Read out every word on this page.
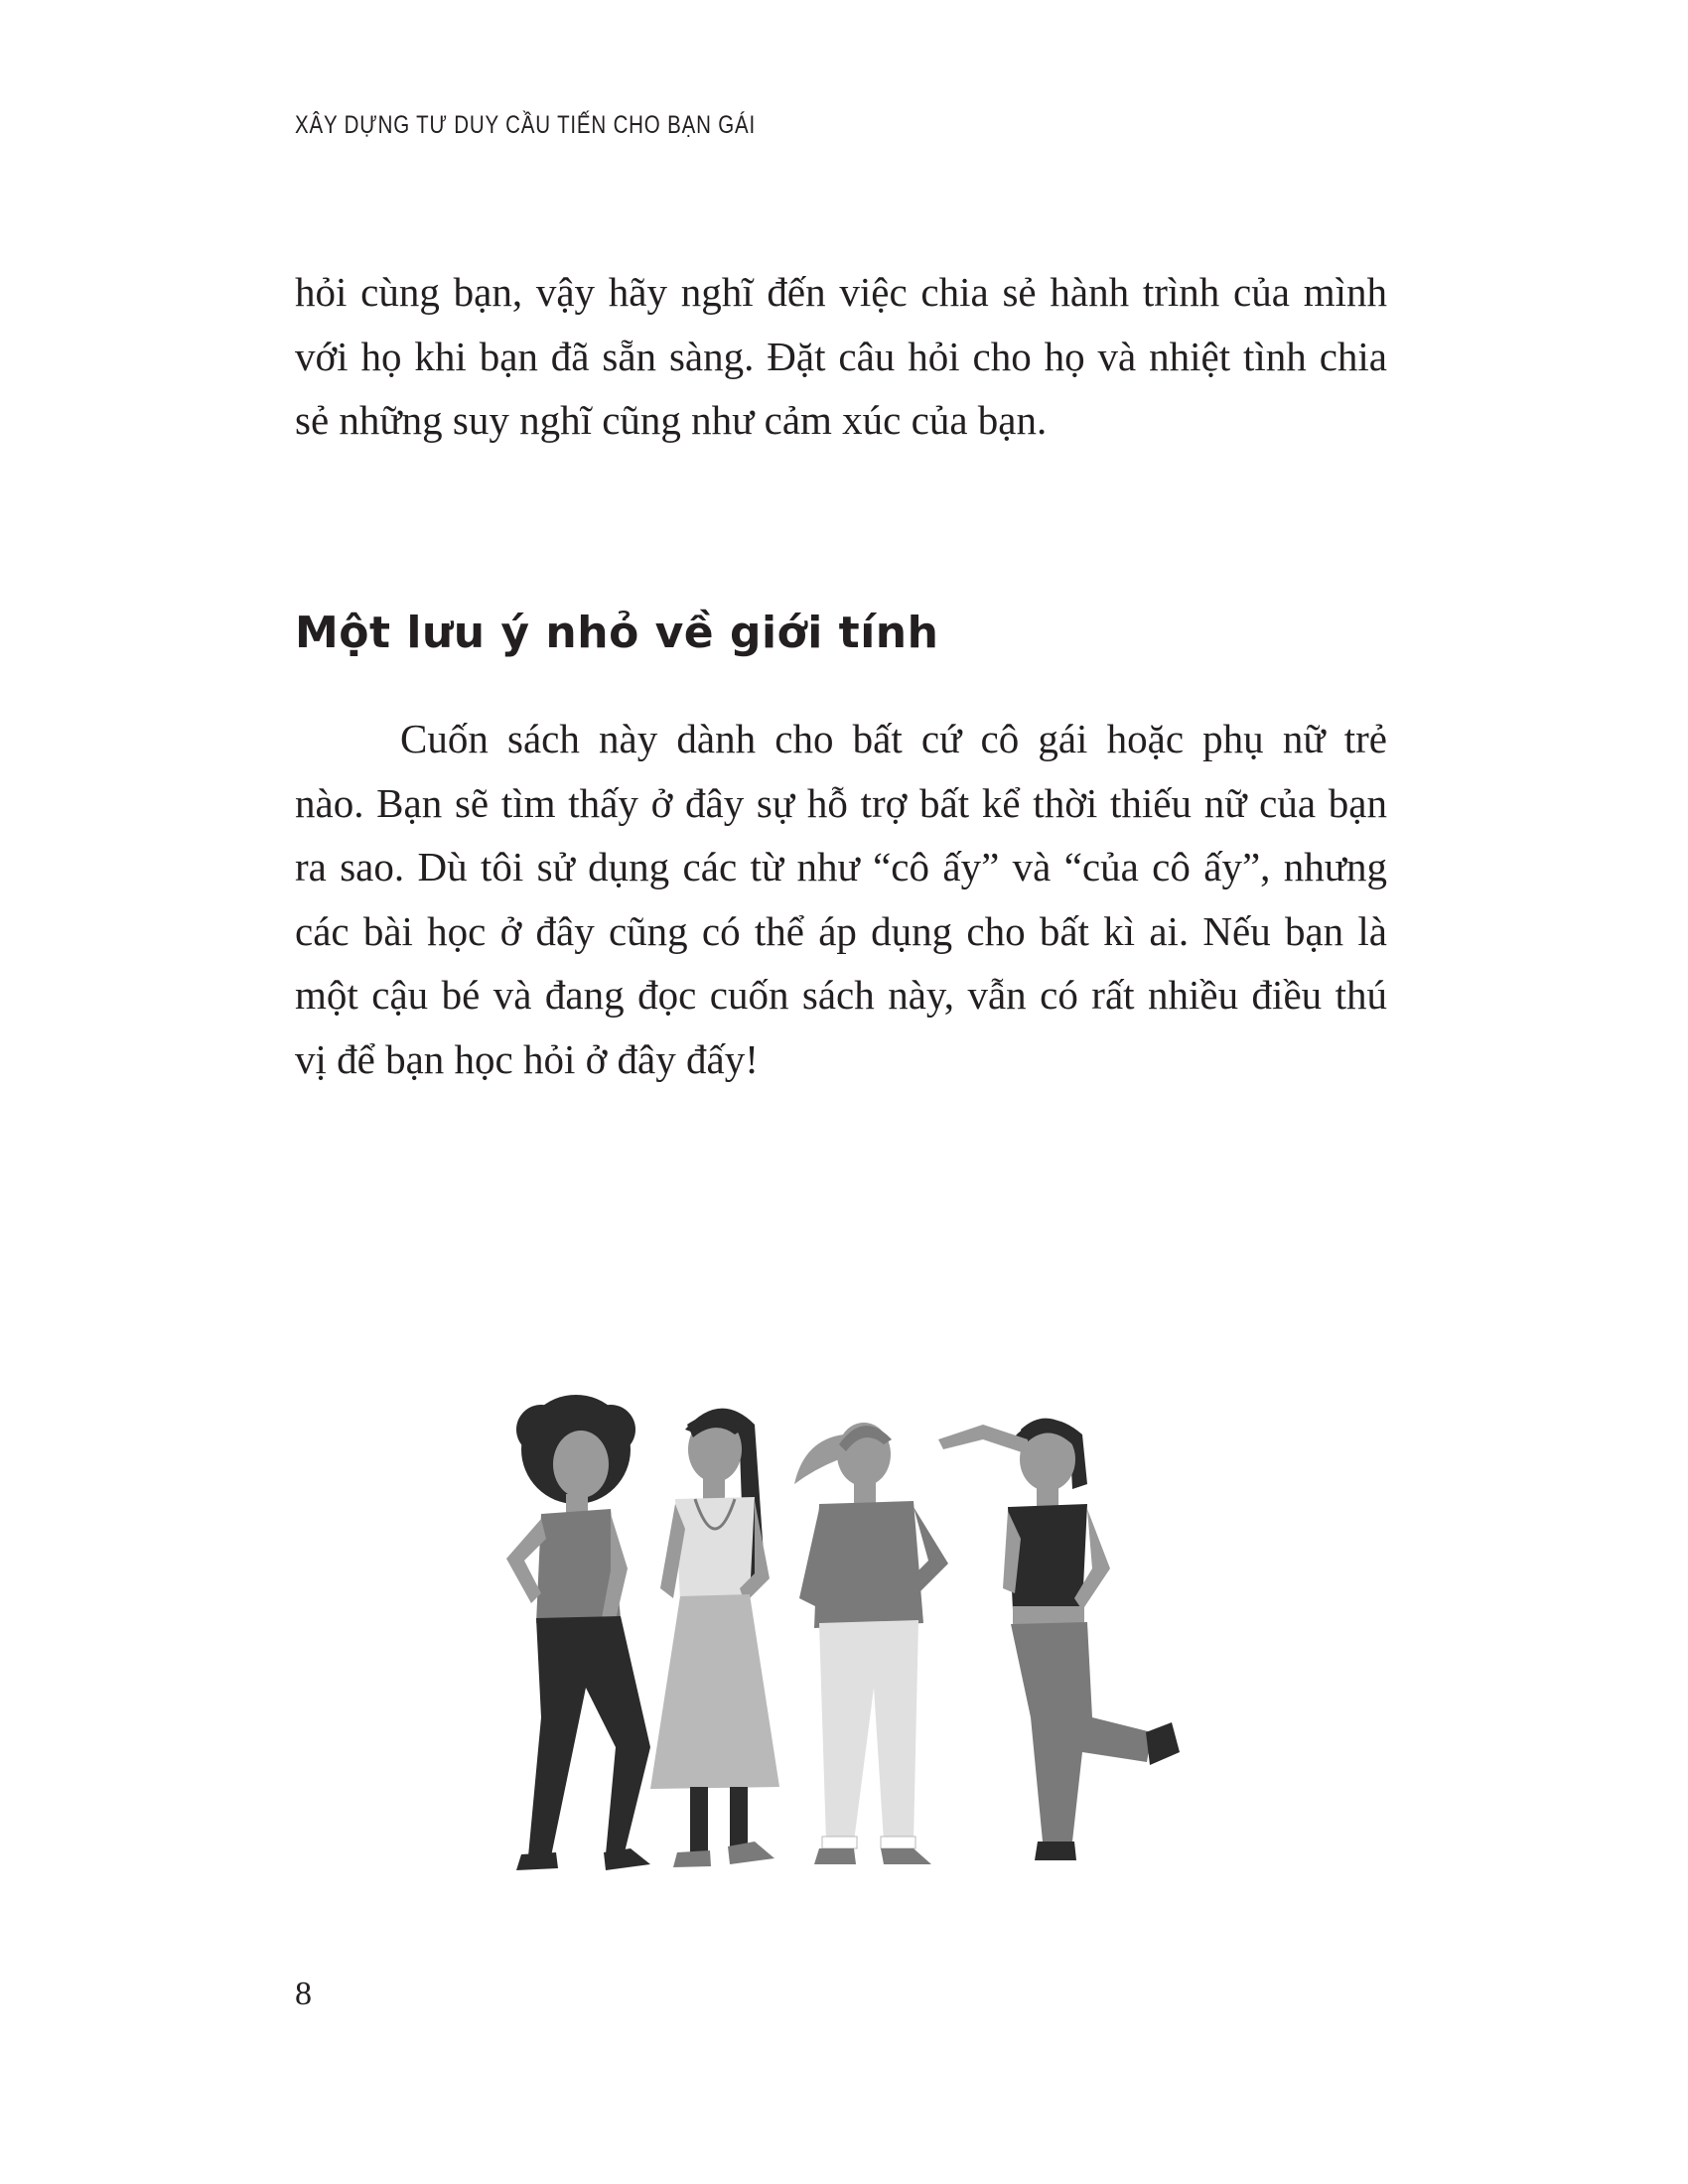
XÂY DỰNG TƯ DUY CẦU TIẾN CHO BẠN GÁI

hỏi cùng bạn, vậy hãy nghĩ đến việc chia sẻ hành trình của mình
với họ khi bạn đã sẵn sàng. Đặt câu hỏi cho họ và nhiệt tình chia
sẻ những suy nghĩ cũng như cảm xúc của bạn.

Một lưu ý nhỏ về giới tính

Cuốn sách này dành cho bất cứ cô gái hoặc phụ nữ trẻ
nào. Bạn sẽ tìm thấy ở đây sự hỗ trợ bất kể thời thiếu nữ của bạn
ra sao. Dù tôi sử dụng các từ như “cô ấy” và “của cô ấy”, nhưng
các bài học ở đây cũng có thể áp dụng cho bất kì ai. Nếu bạn là
một cậu bé và đang đọc cuốn sách này, vẫn có rất nhiều điều thú
vị để bạn học hỏi ở đây đấy!

8
